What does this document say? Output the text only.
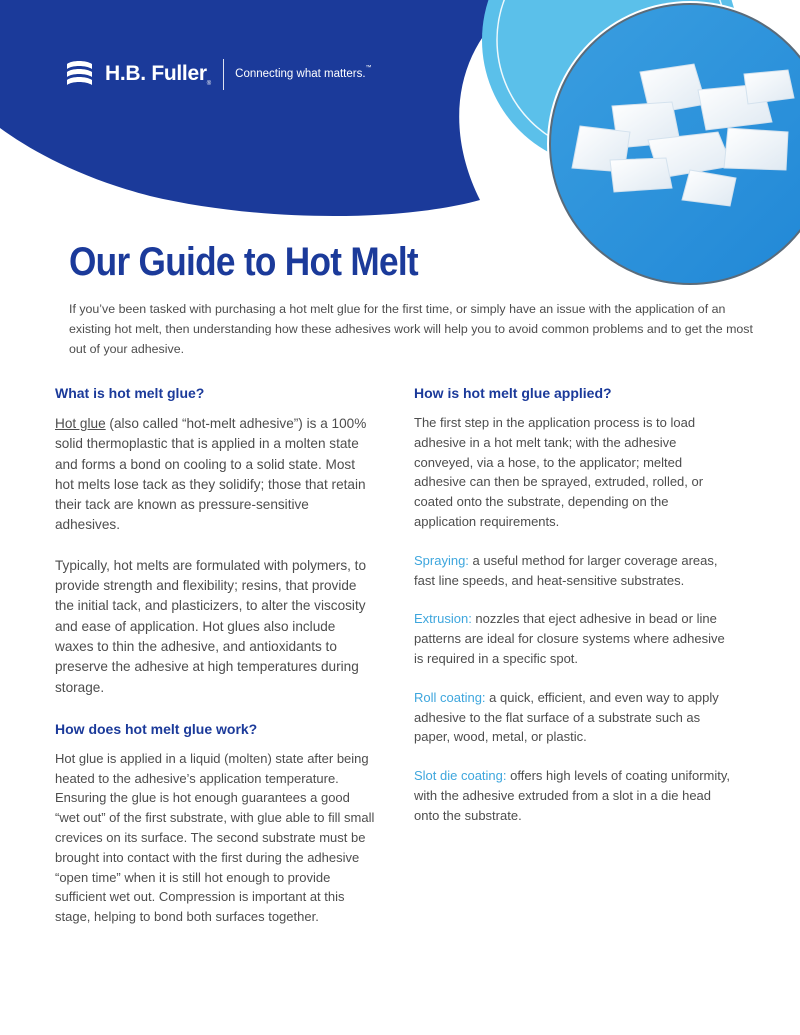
H.B. Fuller$_®$
Connecting what matters.™
Our Guide to Hot Melt

If you’ve been tasked with purchasing a hot melt glue for the first time, or simply have an issue with the application of an existing hot melt, then understanding how these adhesives work will help you to avoid common problems and to get the most out of your adhesive.

What is hot melt glue?

Hot glue (also called “hot-melt adhesive”) is a 100% solid thermoplastic that is applied in a molten state and forms a bond on cooling to a solid state. Most hot melts lose tack as they solidify; those that retain their tack are known as pressure-sensitive adhesives.

Typically, hot melts are formulated with polymers, to provide strength and flexibility; resins, that provide the initial tack, and plasticizers, to alter the viscosity and ease of application. Hot glues also include waxes to thin the adhesive, and antioxidants to preserve the adhesive at high temperatures during storage.

How does hot melt glue work?

Hot glue is applied in a liquid (molten) state after being heated to the adhesive’s application temperature. Ensuring the glue is hot enough guarantees a good “wet out” of the first substrate, with glue able to fill small crevices on its surface. The second substrate must be brought into contact with the first during the adhesive “open time” when it is still hot enough to provide sufficient wet out. Compression is important at this stage, helping to bond both surfaces together.

How is hot melt glue applied?

The first step in the application process is to load adhesive in a hot melt tank; with the adhesive conveyed, via a hose, to the applicator; melted adhesive can then be sprayed, extruded, rolled, or coated onto the substrate, depending on the application requirements.

Spraying: a useful method for larger coverage areas, fast line speeds, and heat-sensitive substrates.

Extrusion: nozzles that eject adhesive in bead or line patterns are ideal for closure systems where adhesive is required in a specific spot.

Roll coating: a quick, efficient, and even way to apply adhesive to the flat surface of a substrate such as paper, wood, metal, or plastic.

Slot die coating: offers high levels of coating uniformity, with the adhesive extruded from a slot in a die head onto the substrate.
